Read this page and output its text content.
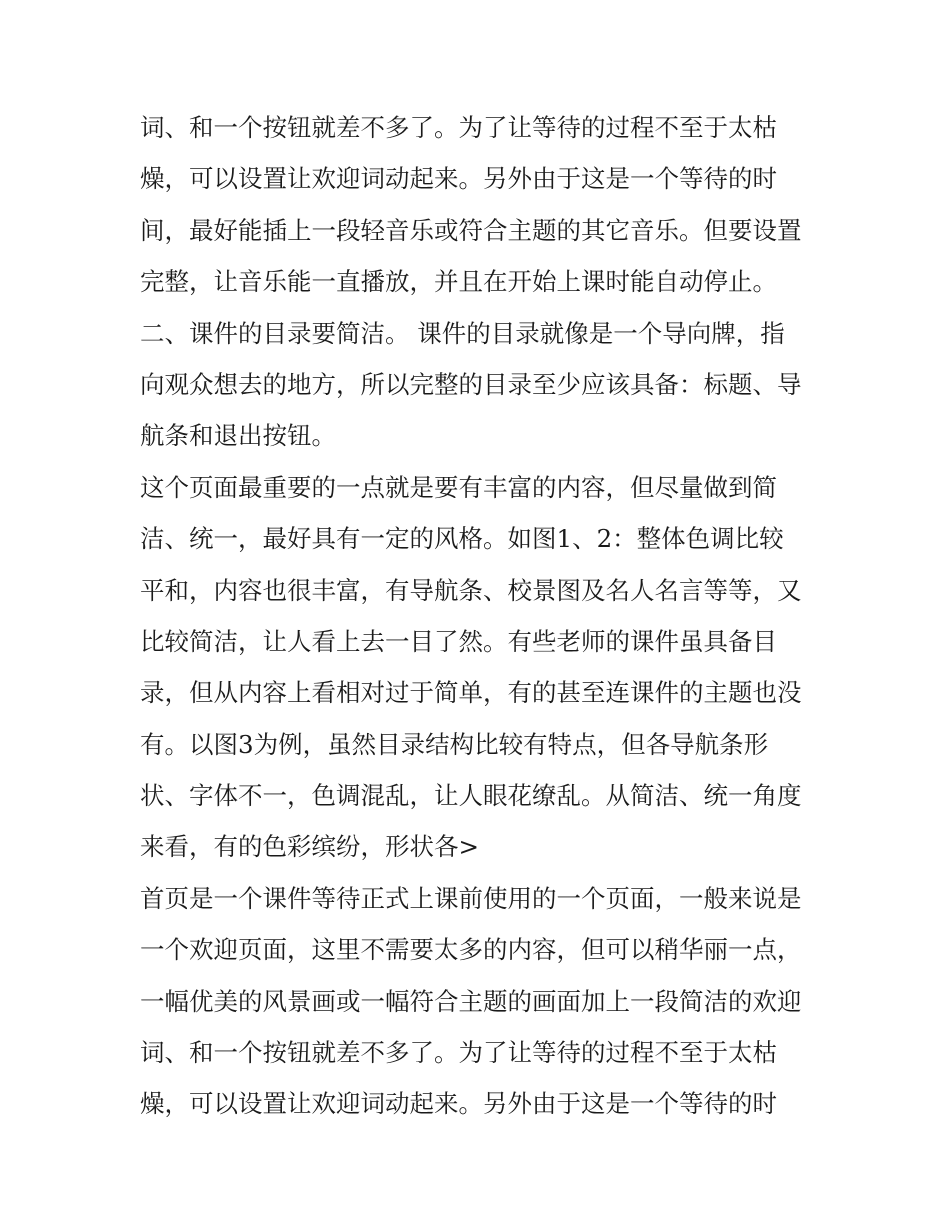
词、和一个按钮就差不多了。为了让等待的过程不至于太枯
燥，可以设置让欢迎词动起来。另外由于这是一个等待的时
间，最好能插上一段轻音乐或符合主题的其它音乐。但要设置
完整，让音乐能一直播放，并且在开始上课时能自动停止。
二、课件的目录要简洁。 课件的目录就像是一个导向牌，指
向观众想去的地方，所以完整的目录至少应该具备：标题、导
航条和退出按钮。
这个页面最重要的一点就是要有丰富的内容，但尽量做到简
洁、统一，最好具有一定的风格。如图1、2：整体色调比较
平和，内容也很丰富，有导航条、校景图及名人名言等等，又
比较简洁，让人看上去一目了然。有些老师的课件虽具备目
录，但从内容上看相对过于简单，有的甚至连课件的主题也没
有。以图3为例，虽然目录结构比较有特点，但各导航条形
状、字体不一，色调混乱，让人眼花缭乱。从简洁、统一角度
来看，有的色彩缤纷，形状各>
首页是一个课件等待正式上课前使用的一个页面，一般来说是
一个欢迎页面，这里不需要太多的内容，但可以稍华丽一点，
一幅优美的风景画或一幅符合主题的画面加上一段简洁的欢迎
词、和一个按钮就差不多了。为了让等待的过程不至于太枯
燥，可以设置让欢迎词动起来。另外由于这是一个等待的时
